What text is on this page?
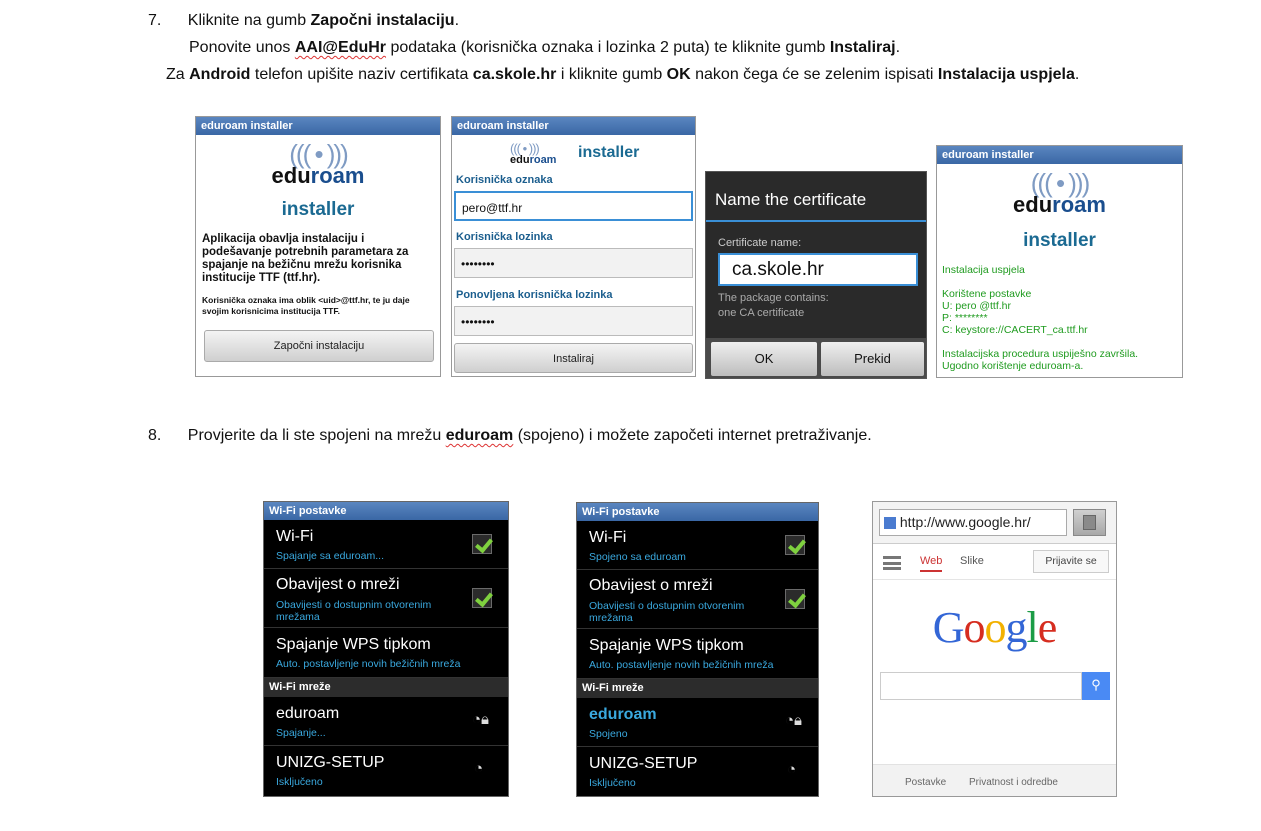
7. Kliknite na gumb Započni instalaciju.
Ponovite unos AAI@EduHr podataka (korisnička oznaka i lozinka 2 puta) te kliknite gumb Instaliraj.
Za Android telefon upišite naziv certifikata ca.skole.hr i kliknite gumb OK nakon čega će se zelenim ispisati Instalacija uspjela.
eduroam installer
((( • )))
eduroam
installer
Aplikacija obavlja instalaciju i podešavanje potrebnih parametara za spajanje na bežičnu mrežu korisnika institucije TTF (ttf.hr).
Korisnička oznaka ima oblik <uid>@ttf.hr, te ju daje svojim korisnicima institucija TTF.
Započni instalaciju
eduroam installer
((( • )))
eduroam installer
Korisnička oznaka
pero@ttf.hr
Korisnička lozinka
••••••••
Ponovljena korisnička lozinka
••••••••
Instaliraj
Name the certificate
Certificate name:
ca.skole.hr
The package contains:
one CA certificate
OK	Prekid
eduroam installer
((( • )))
eduroam
installer
Instalacija uspjela
Korištene postavke
U: pero @ttf.hr
P: ********
C: keystore://CACERT_ca.ttf.hr
Instalacijska procedura uspiješno završila.
Ugodno korištenje eduroam-a.
8. Provjerite da li ste spojeni na mrežu eduroam (spojeno) i možete započeti internet pretraživanje.
Wi-Fi postavke
Wi-Fi
Spajanje sa eduroam...
Obavijest o mreži
Obavijesti o dostupnim otvorenim mrežama
Spajanje WPS tipkom
Auto. postavljenje novih bežičnih mreža
Wi-Fi mreže
eduroam
Spajanje...
◔🔒︎
UNIZG-SETUP
Isključeno
◔
Wi-Fi postavke
Wi-Fi
Spojeno sa eduroam
Obavijest o mreži
Obavijesti o dostupnim otvorenim mrežama
Spajanje WPS tipkom
Auto. postavljenje novih bežičnih mreža
Wi-Fi mreže
eduroam
Spojeno
◔🔒︎
UNIZG-SETUP
Isključeno
◔
http://www.google.hr/
Web Slike	Prijavite se
Google
⚲
Postavke Privatnost i odredbe
